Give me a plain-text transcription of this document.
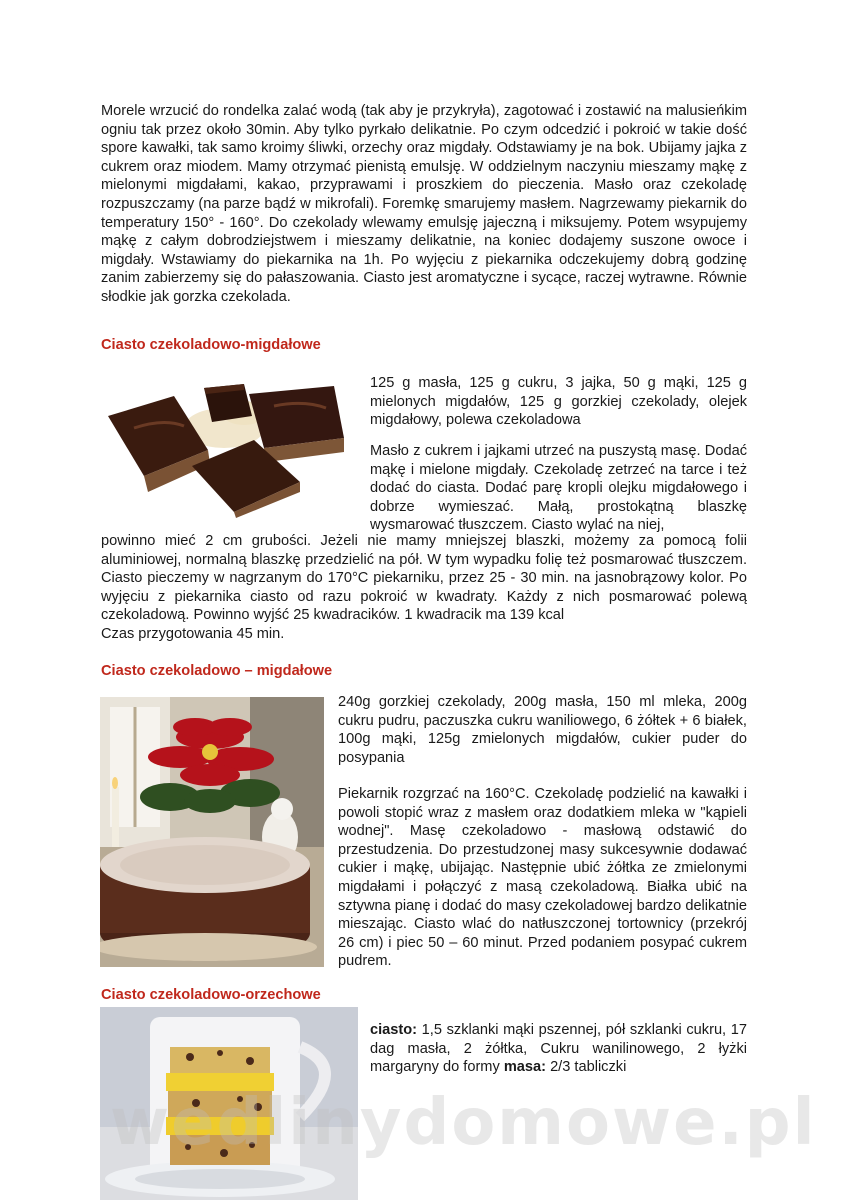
Morele wrzucić do rondelka zalać wodą (tak aby je przykryła), zagotować i zostawić na malusieńkim ogniu tak przez około 30min. Aby tylko pyrkało delikatnie. Po czym odcedzić i pokroić w takie dość spore kawałki, tak samo kroimy śliwki, orzechy oraz migdały. Odstawiamy je na bok. Ubijamy jajka z cukrem oraz miodem. Mamy otrzymać pienistą emulsję. W oddzielnym naczyniu mieszamy mąkę z mielonymi migdałami, kakao, przyprawami i proszkiem do pieczenia. Masło oraz czekoladę rozpuszczamy (na parze bądź w mikrofali). Foremkę smarujemy masłem. Nagrzewamy piekarnik do temperatury 150° - 160°. Do czekolady wlewamy emulsję jajeczną i miksujemy. Potem wsypujemy mąkę z całym dobrodziejstwem i mieszamy delikatnie, na koniec dodajemy suszone owoce i migdały. Wstawiamy do piekarnika na 1h. Po wyjęciu z piekarnika odczekujemy dobrą godzinę zanim zabierzemy się do pałaszowania. Ciasto jest aromatyczne i sycące, raczej wytrawne. Równie słodkie jak gorzka czekolada.

Ciasto czekoladowo-migdałowe

125 g masła, 125 g cukru, 3 jajka, 50 g mąki, 125 g mielonych migdałów, 125 g gorzkiej czekolady, olejek migdałowy, polewa czekoladowa

Masło z cukrem i jajkami utrzeć na puszystą masę. Dodać mąkę i mielone migdały. Czekoladę zetrzeć na tarce i też dodać do ciasta. Dodać parę kropli olejku migdałowego i dobrze wymieszać. Małą, prostokątną blaszkę wysmarować tłuszczem. Ciasto wylać na niej,

powinno mieć 2 cm grubości. Jeżeli nie mamy mniejszej blaszki, możemy za pomocą folii aluminiowej, normalną blaszkę przedzielić na pół. W tym wypadku folię też posmarować tłuszczem. Ciasto pieczemy w nagrzanym do 170°C piekarniku, przez 25 - 30 min. na jasnobrązowy kolor. Po wyjęciu z piekarnika ciasto od razu pokroić w kwadraty. Każdy z nich posmarować polewą czekoladową. Powinno wyjść 25 kwadracików. 1 kwadracik ma 139 kcal

Czas przygotowania 45 min.

Ciasto czekoladowo – migdałowe

240g gorzkiej czekolady, 200g masła, 150 ml mleka, 200g cukru pudru, paczuszka cukru waniliowego, 6 żółtek + 6 białek, 100g mąki, 125g zmielonych migdałów, cukier puder do posypania

Piekarnik rozgrzać na 160°C. Czekoladę podzielić na kawałki i powoli stopić wraz z masłem oraz dodatkiem mleka w "kąpieli wodnej". Masę czekoladowo - masłową odstawić do przestudzenia. Do przestudzonej masy sukcesywnie dodawać cukier i mąkę, ubijając. Następnie ubić żółtka ze zmielonymi migdałami i połączyć z masą czekoladową. Białka ubić na sztywna pianę i dodać do masy czekoladowej bardzo delikatnie mieszając. Ciasto wlać do natłuszczonej tortownicy (przekrój 26 cm) i piec 50 – 60 minut. Przed podaniem posypać cukrem pudrem.

Ciasto czekoladowo-orzechowe

ciasto: 1,5 szklanki mąki pszennej, pół szklanki cukru, 17 dag masła, 2 żółtka, Cukru wanilinowego, 2 łyżki margaryny do formy masa: 2/3 tabliczki

wedlinydomowe.pl
